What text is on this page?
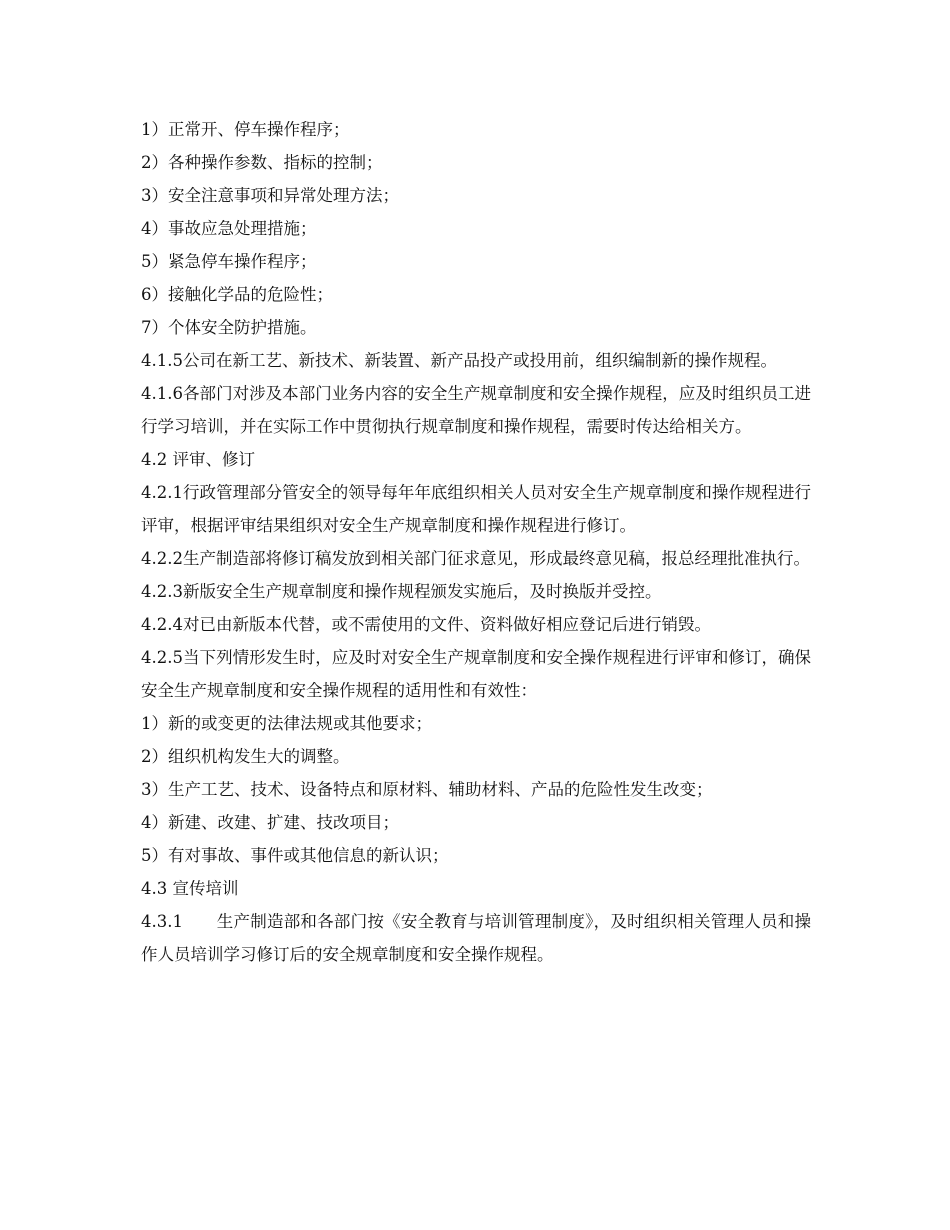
1）正常开、停车操作程序；

2）各种操作参数、指标的控制；

3）安全注意事项和异常处理方法；

4）事故应急处理措施；

5）紧急停车操作程序；

6）接触化学品的危险性；

7）个体安全防护措施。

4.1.5公司在新工艺、新技术、新装置、新产品投产或投用前，组织编制新的操作规程。

4.1.6各部门对涉及本部门业务内容的安全生产规章制度和安全操作规程，应及时组织员工进行学习培训，并在实际工作中贯彻执行规章制度和操作规程，需要时传达给相关方。

4.2 评审、修订

4.2.1行政管理部分管安全的领导每年年底组织相关人员对安全生产规章制度和操作规程进行评审，根据评审结果组织对安全生产规章制度和操作规程进行修订。

4.2.2生产制造部将修订稿发放到相关部门征求意见，形成最终意见稿，报总经理批准执行。

4.2.3新版安全生产规章制度和操作规程颁发实施后，及时换版并受控。

4.2.4对已由新版本代替，或不需使用的文件、资料做好相应登记后进行销毁。

4.2.5当下列情形发生时，应及时对安全生产规章制度和安全操作规程进行评审和修订，确保安全生产规章制度和安全操作规程的适用性和有效性：

1）新的或变更的法律法规或其他要求；

2）组织机构发生大的调整。

3）生产工艺、技术、设备特点和原材料、辅助材料、产品的危险性发生改变；

4）新建、改建、扩建、技改项目；

5）有对事故、事件或其他信息的新认识；

4.3 宣传培训

4.3.1　　生产制造部和各部门按《安全教育与培训管理制度》，及时组织相关管理人员和操作人员培训学习修订后的安全规章制度和安全操作规程。
